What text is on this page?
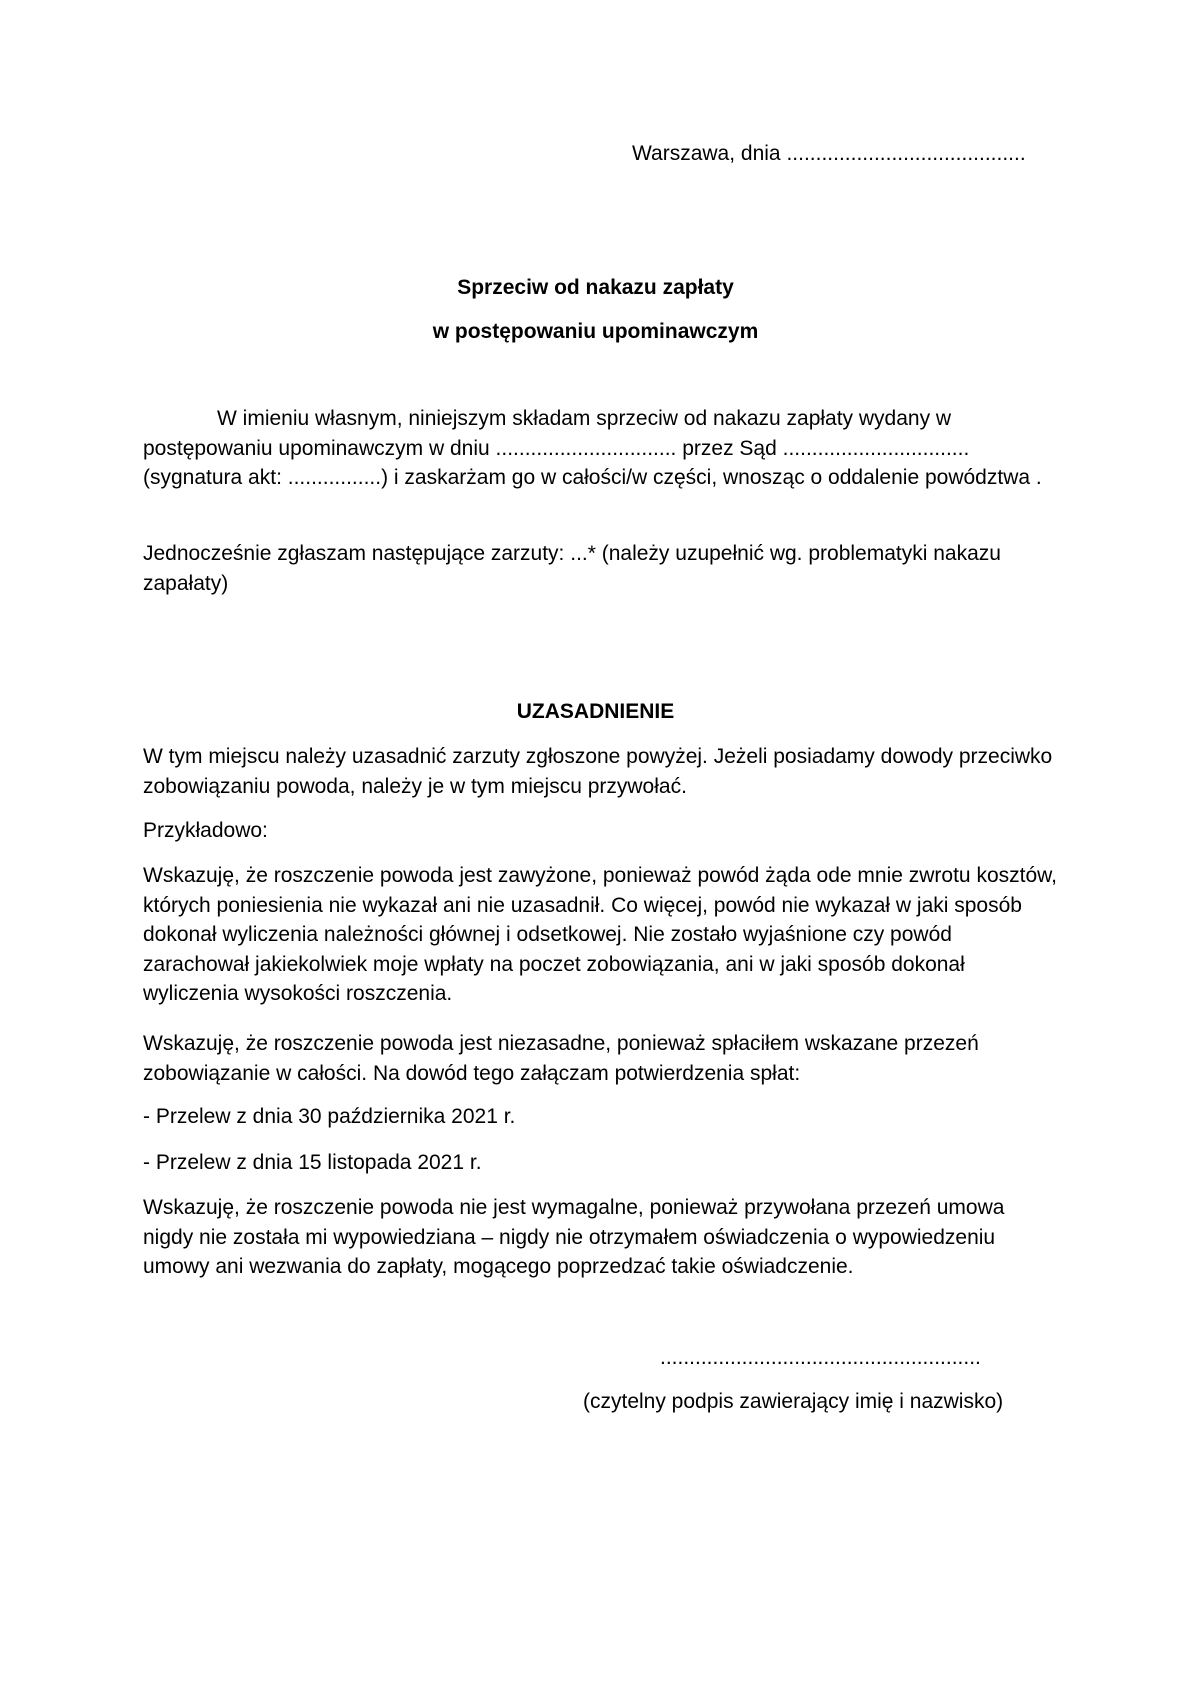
Warszawa, dnia .........................................
Sprzeciw od nakazu zapłaty
w postępowaniu upominawczym
W imieniu własnym, niniejszym składam sprzeciw od nakazu zapłaty wydany w postępowaniu upominawczym w dniu ............................... przez Sąd ................................ (sygnatura akt: ................) i zaskarżam go w całości/w części, wnosząc o oddalenie powództwa .
Jednocześnie zgłaszam następujące zarzuty: ...* (należy uzupełnić wg. problematyki nakazu zapałaty)
UZASADNIENIE
W tym miejscu należy uzasadnić zarzuty zgłoszone powyżej. Jeżeli posiadamy dowody przeciwko zobowiązaniu powoda, należy je w tym miejscu przywołać.
Przykładowo:
Wskazuję, że roszczenie powoda jest zawyżone, ponieważ powód żąda ode mnie zwrotu kosztów, których poniesienia nie wykazał ani nie uzasadnił. Co więcej, powód nie wykazał w jaki sposób dokonał wyliczenia należności głównej i odsetkowej. Nie zostało wyjaśnione czy powód zarachował jakiekolwiek moje wpłaty na poczet zobowiązania, ani w jaki sposób dokonał wyliczenia wysokości roszczenia.
Wskazuję, że roszczenie powoda jest niezasadne, ponieważ spłaciłem wskazane przezeń zobowiązanie w całości. Na dowód tego załączam potwierdzenia spłat:
- Przelew z dnia 30 października 2021 r.
- Przelew z dnia 15 listopada 2021 r.
Wskazuję, że roszczenie powoda nie jest wymagalne, ponieważ przywołana przezeń umowa nigdy nie została mi wypowiedziana – nigdy nie otrzymałem oświadczenia o wypowiedzeniu umowy ani wezwania do zapłaty, mogącego poprzedzać takie oświadczenie.
.......................................................
(czytelny podpis zawierający imię i nazwisko)
